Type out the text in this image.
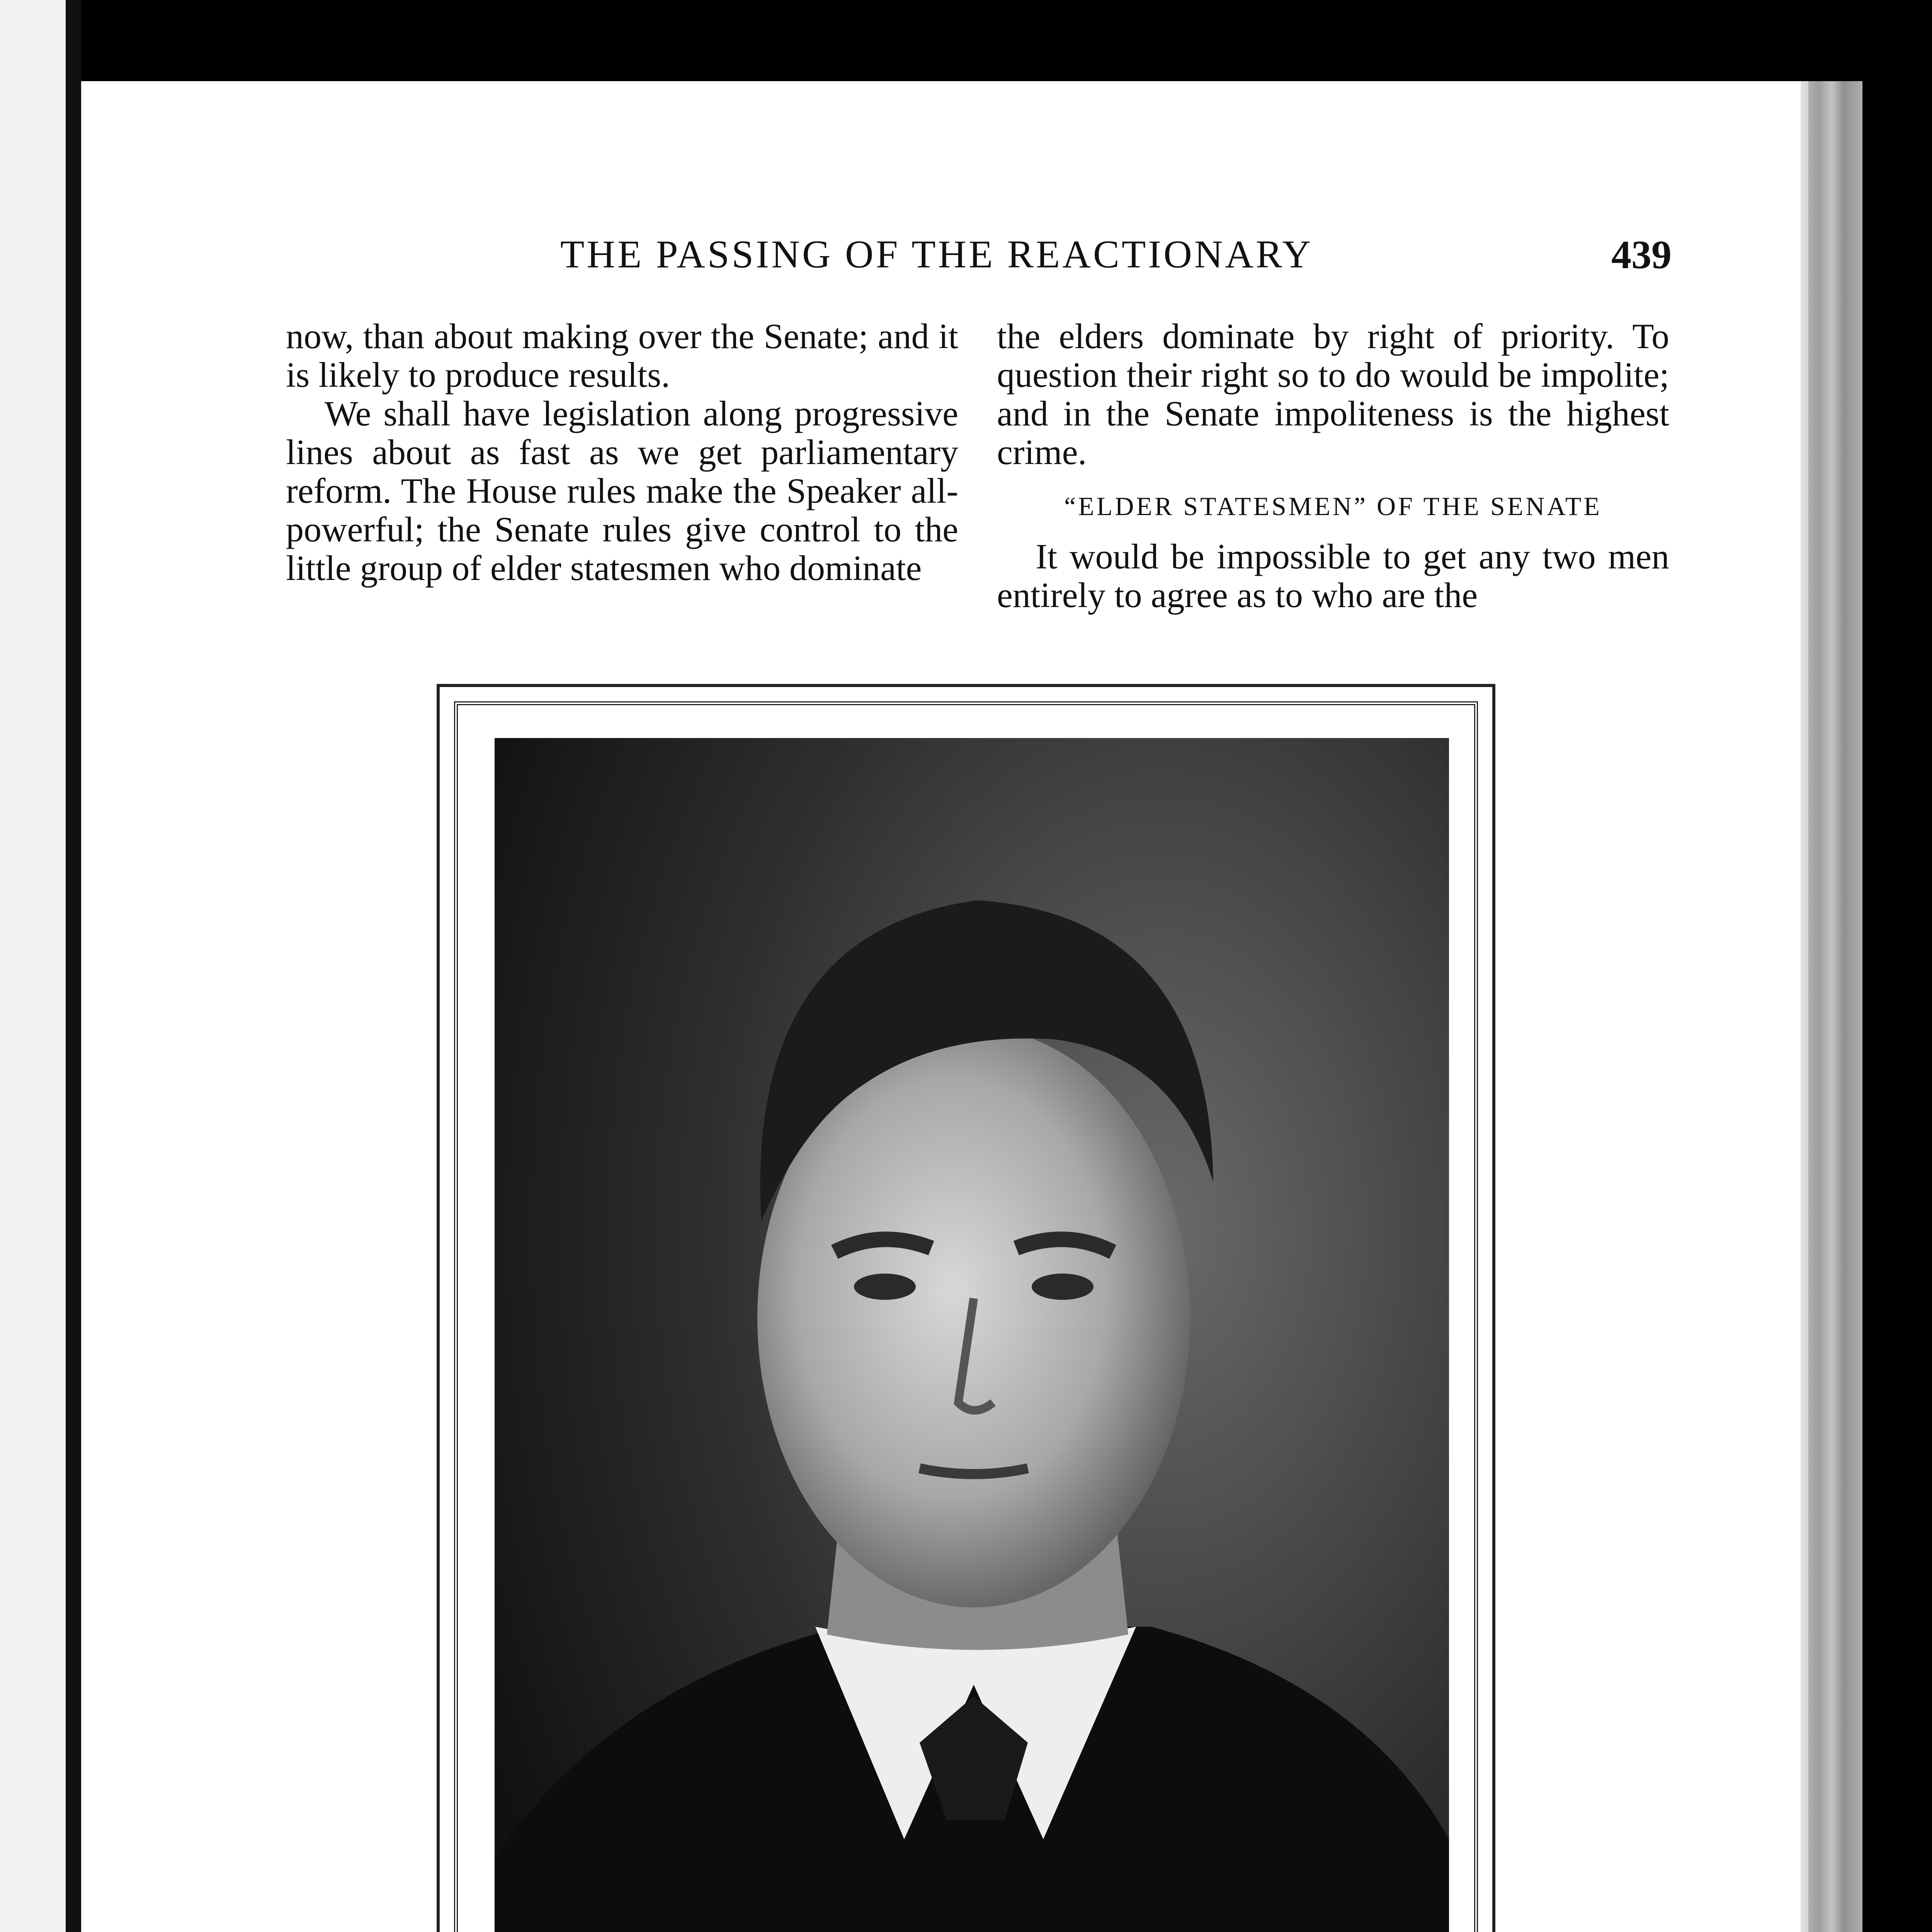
THE PASSING OF THE REACTIONARY	439

now, than about making over the Senate; and it is likely to produce results.

We shall have legislation along progressive lines about as fast as we get parliamentary reform. The House rules make the Speaker all-powerful; the Senate rules give control to the little group of elder statesmen who dominate

the elders dominate by right of priority. To question their right so to do would be impolite; and in the Senate impoliteness is the highest crime.

“ELDER STATESMEN” OF THE SENATE

It would be impossible to get any two men entirely to agree as to who are the
